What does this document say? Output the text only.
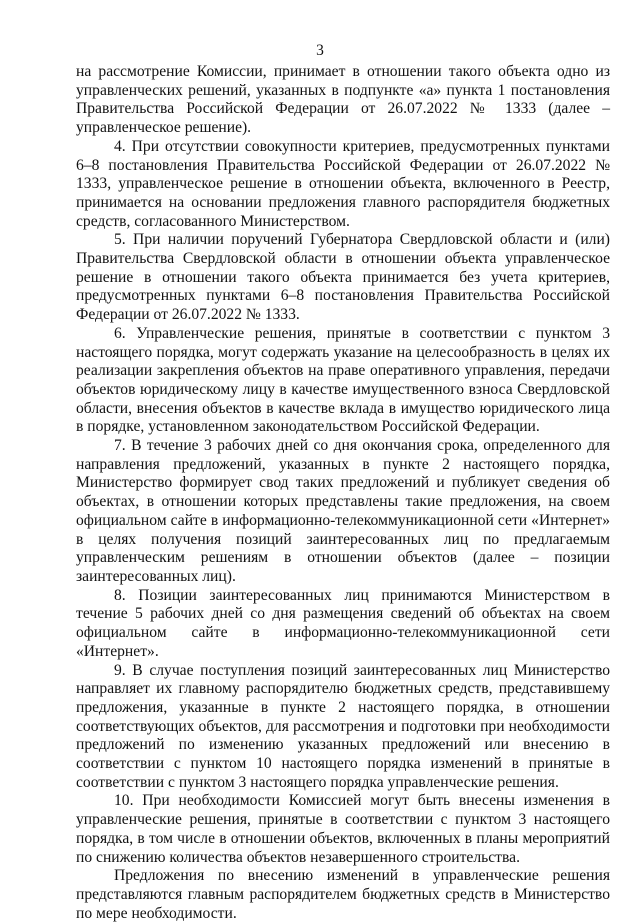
3

на рассмотрение Комиссии, принимает в отношении такого объекта одно из управленческих решений, указанных в подпункте «а» пункта 1 постановления Правительства Российской Федерации от 26.07.2022 № 1333 (далее – управленческое решение).

4. При отсутствии совокупности критериев, предусмотренных пунктами 6–8 постановления Правительства Российской Федерации от 26.07.2022 № 1333, управленческое решение в отношении объекта, включенного в Реестр, принимается на основании предложения главного распорядителя бюджетных средств, согласованного Министерством.

5. При наличии поручений Губернатора Свердловской области и (или) Правительства Свердловской области в отношении объекта управленческое решение в отношении такого объекта принимается без учета критериев, предусмотренных пунктами 6–8 постановления Правительства Российской Федерации от 26.07.2022 № 1333.

6. Управленческие решения, принятые в соответствии с пунктом 3 настоящего порядка, могут содержать указание на целесообразность в целях их реализации закрепления объектов на праве оперативного управления, передачи объектов юридическому лицу в качестве имущественного взноса Свердловской области, внесения объектов в качестве вклада в имущество юридического лица в порядке, установленном законодательством Российской Федерации.

7. В течение 3 рабочих дней со дня окончания срока, определенного для направления предложений, указанных в пункте 2 настоящего порядка, Министерство формирует свод таких предложений и публикует сведения об объектах, в отношении которых представлены такие предложения, на своем официальном сайте в информационно-телекоммуникационной сети «Интернет» в целях получения позиций заинтересованных лиц по предлагаемым управленческим решениям в отношении объектов (далее – позиции заинтересованных лиц).

8. Позиции заинтересованных лиц принимаются Министерством в течение 5 рабочих дней со дня размещения сведений об объектах на своем официальном сайте в информационно-телекоммуникационной сети «Интернет».

9. В случае поступления позиций заинтересованных лиц Министерство направляет их главному распорядителю бюджетных средств, представившему предложения, указанные в пункте 2 настоящего порядка, в отношении соответствующих объектов, для рассмотрения и подготовки при необходимости предложений по изменению указанных предложений или внесению в соответствии с пунктом 10 настоящего порядка изменений в принятые в соответствии с пунктом 3 настоящего порядка управленческие решения.

10. При необходимости Комиссией могут быть внесены изменения в управленческие решения, принятые в соответствии с пунктом 3 настоящего порядка, в том числе в отношении объектов, включенных в планы мероприятий по снижению количества объектов незавершенного строительства.

Предложения по внесению изменений в управленческие решения представляются главным распорядителем бюджетных средств в Министерство по мере необходимости.
